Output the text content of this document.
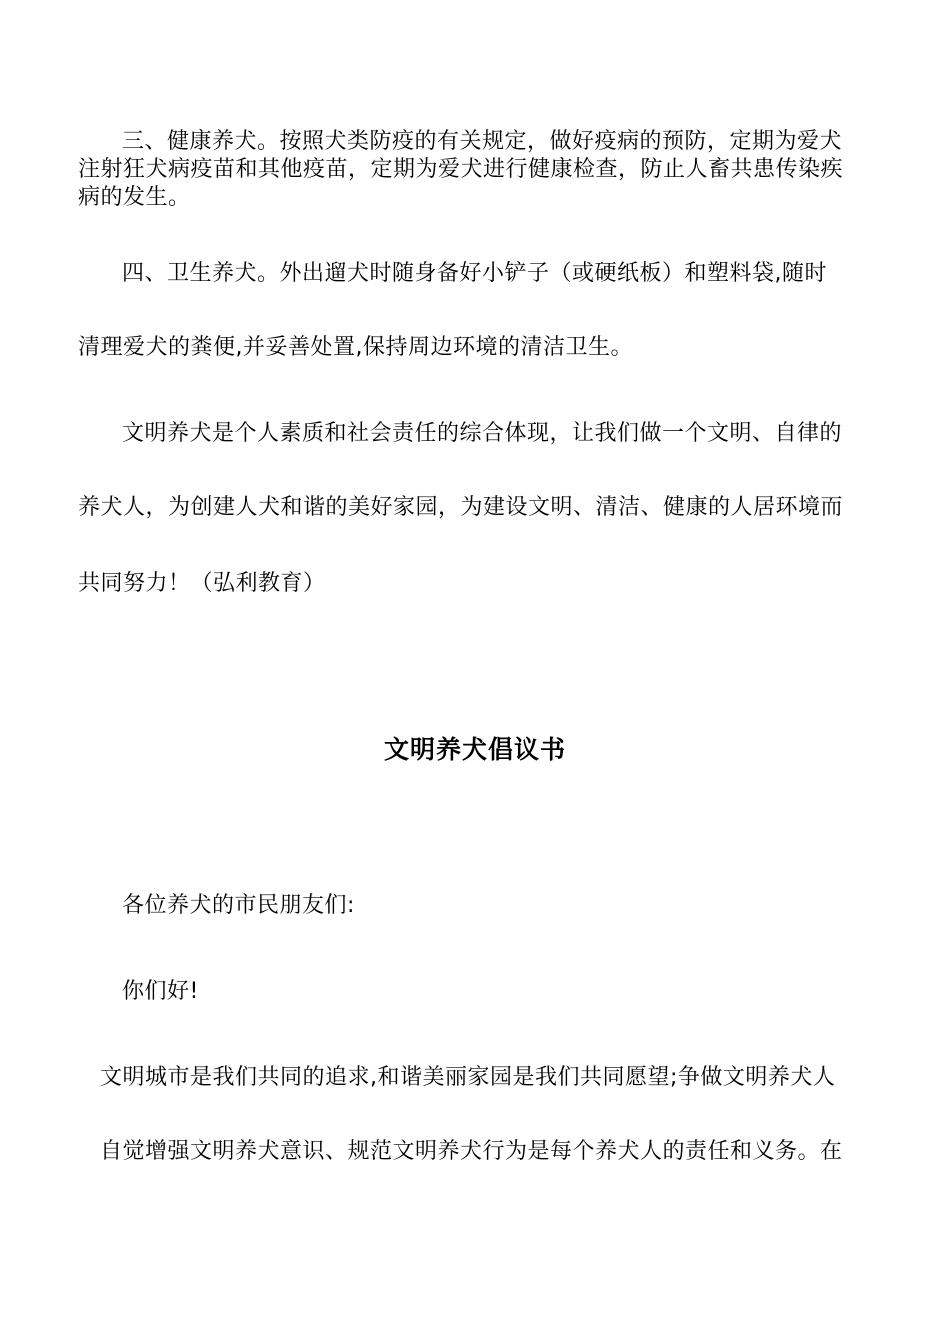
三、健康养犬。按照犬类防疫的有关规定，做好疫病的预防，定期为爱犬
注射狂犬病疫苗和其他疫苗，定期为爱犬进行健康检查，防止人畜共患传染疾
病的发生。
四、卫生养犬。外出遛犬时随身备好小铲子（或硬纸板）和塑料袋,随时
清理爱犬的粪便,并妥善处置,保持周边环境的清洁卫生。
文明养犬是个人素质和社会责任的综合体现，让我们做一个文明、自律的
养犬人，为创建人犬和谐的美好家园，为建设文明、清洁、健康的人居环境而
共同努力！（弘利教育）
文明养犬倡议书
各位养犬的市民朋友们:
你们好!
文明城市是我们共同的追求,和谐美丽家园是我们共同愿望;争做文明养犬人
自觉增强文明养犬意识、规范文明养犬行为是每个养犬人的责任和义务。在
